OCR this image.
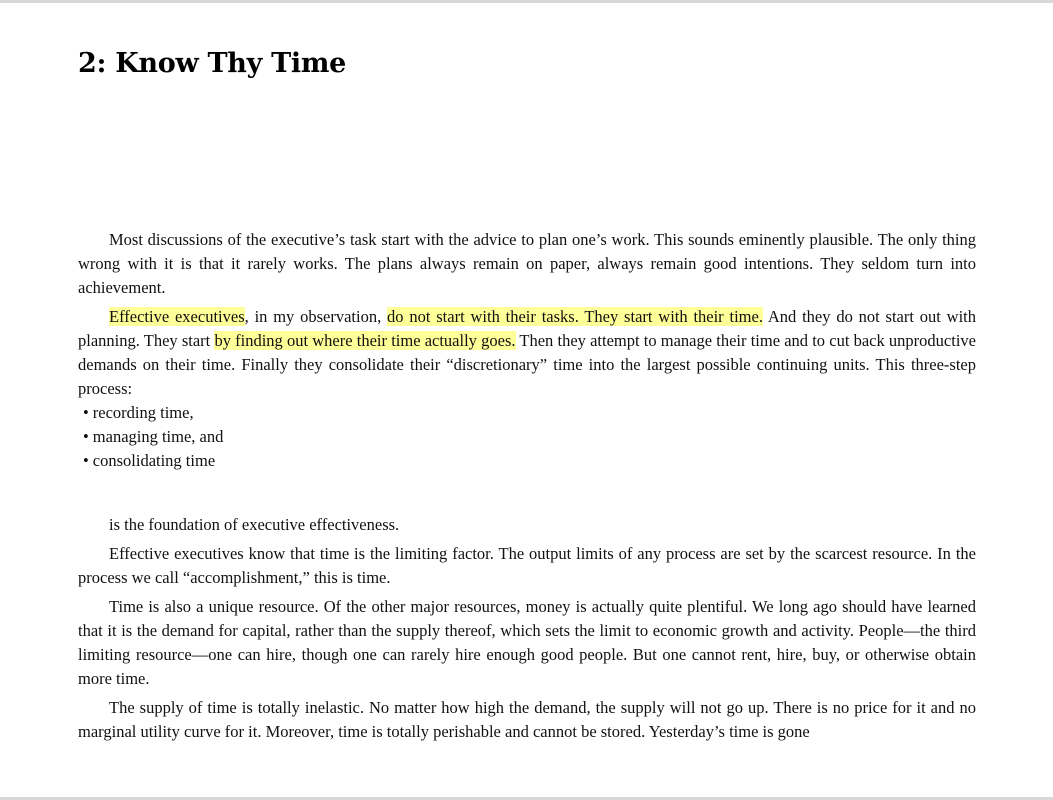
2: Know Thy Time

Most discussions of the executive’s task start with the advice to plan one’s work. This sounds eminently plausible. The only thing wrong with it is that it rarely works. The plans always remain on paper, always remain good intentions. They seldom turn into achievement.

Effective executives, in my observation, do not start with their tasks. They start with their time. And they do not start out with planning. They start by finding out where their time actually goes. Then they attempt to manage their time and to cut back unproductive demands on their time. Finally they consolidate their “discretionary” time into the largest possible continuing units. This three-step process:

• recording time,
• managing time, and
• consolidating time

is the foundation of executive effectiveness.

Effective executives know that time is the limiting factor. The output limits of any process are set by the scarcest resource. In the process we call “accomplishment,” this is time.

Time is also a unique resource. Of the other major resources, money is actually quite plentiful. We long ago should have learned that it is the demand for capital, rather than the supply thereof, which sets the limit to economic growth and activity. People—the third limiting resource—one can hire, though one can rarely hire enough good people. But one cannot rent, hire, buy, or otherwise obtain more time.

The supply of time is totally inelastic. No matter how high the demand, the supply will not go up. There is no price for it and no marginal utility curve for it. Moreover, time is totally perishable and cannot be stored. Yesterday’s time is gone
